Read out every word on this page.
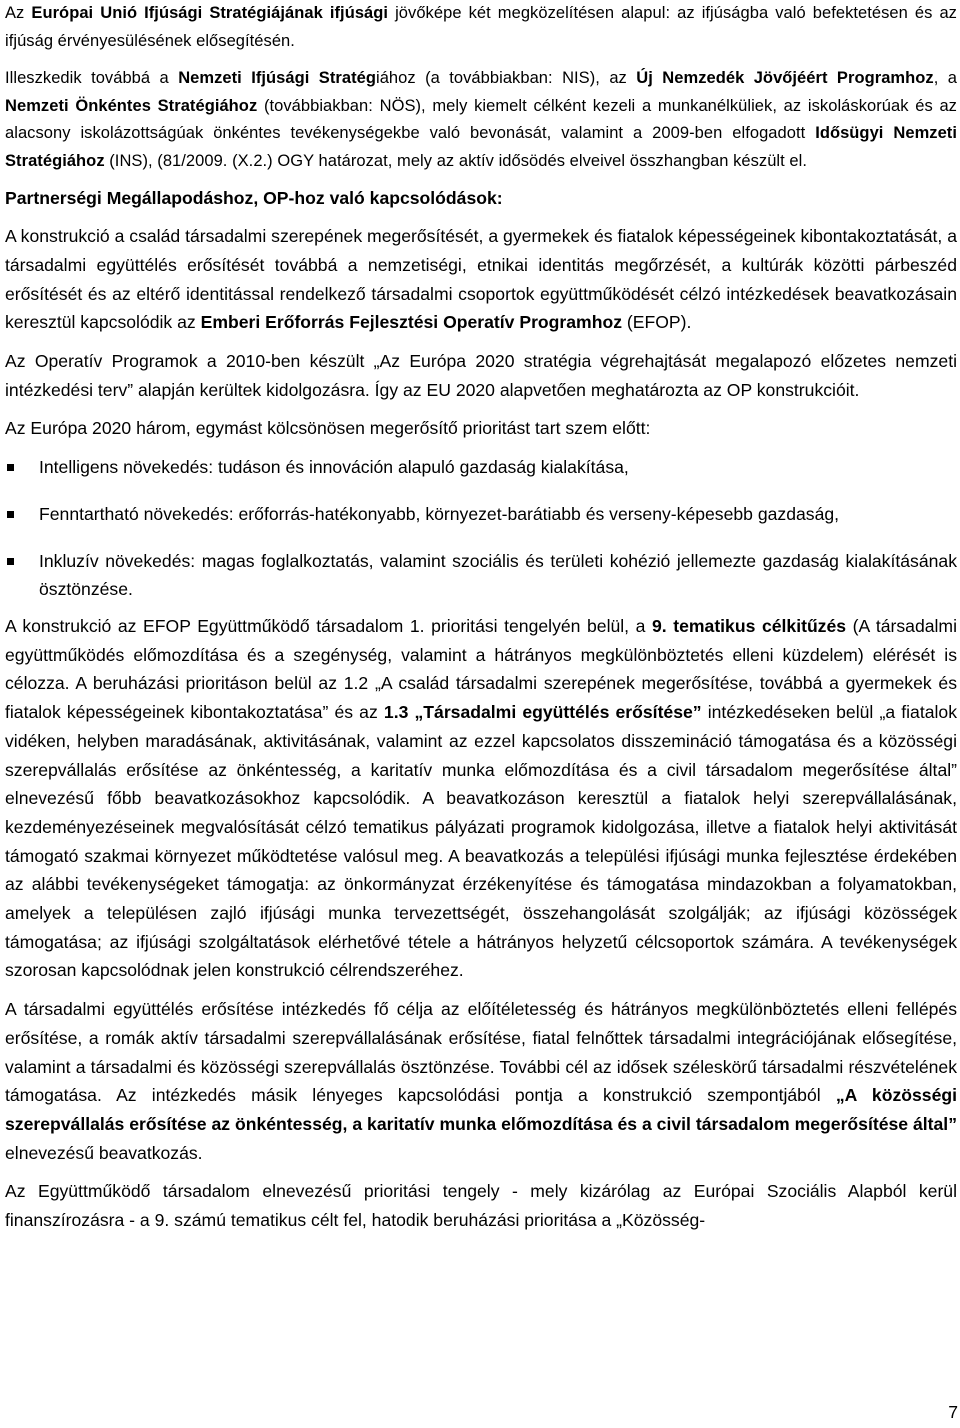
Az Európai Unió Ifjúsági Stratégiájának ifjúsági jövőképe két megközelítésen alapul: az ifjúságba való befektetésen és az ifjúság érvényesülésének elősegítésén.

Illeszkedik továbbá a Nemzeti Ifjúsági Stratégiához (a továbbiakban: NIS), az Új Nemzedék Jövőjéért Programhoz, a Nemzeti Önkéntes Stratégiához (továbbiakban: NÖS), mely kiemelt célként kezeli a munkanélküliek, az iskoláskorúak és az alacsony iskolázottságúak önkéntes tevékenységekbe való bevonását, valamint a 2009-ben elfogadott Idősügyi Nemzeti Stratégiához (INS), (81/2009. (X.2.) OGY határozat, mely az aktív idősödés elveivel összhangban készült el.

Partnerségi Megállapodáshoz, OP-hoz való kapcsolódások:

A konstrukció a család társadalmi szerepének megerősítését, a gyermekek és fiatalok képességeinek kibontakoztatását, a társadalmi együttélés erősítését továbbá a nemzetiségi, etnikai identitás megőrzését, a kultúrák közötti párbeszéd erősítését és az eltérő identitással rendelkező társadalmi csoportok együttműködését célzó intézkedések beavatkozásain keresztül kapcsolódik az Emberi Erőforrás Fejlesztési Operatív Programhoz (EFOP).

Az Operatív Programok a 2010-ben készült „Az Európa 2020 stratégia végrehajtását megalapozó előzetes nemzeti intézkedési terv” alapján kerültek kidolgozásra. Így az EU 2020 alapvetően meghatározta az OP konstrukcióit.

Az Európa 2020 három, egymást kölcsönösen megerősítő prioritást tart szem előtt:

Intelligens növekedés: tudáson és innováción alapuló gazdaság kialakítása,
Fenntartható növekedés: erőforrás-hatékonyabb, környezet-barátiabb és verseny-képesebb gazdaság,
Inkluzív növekedés: magas foglalkoztatás, valamint szociális és területi kohézió jellemezte gazdaság kialakításának ösztönzése.

A konstrukció az EFOP Együttműködő társadalom 1. prioritási tengelyén belül, a 9. tematikus célkitűzés (A társadalmi együttműködés előmozdítása és a szegénység, valamint a hátrányos megkülönböztetés elleni küzdelem) elérését is célozza. A beruházási prioritáson belül az 1.2 „A család társadalmi szerepének megerősítése, továbbá a gyermekek és fiatalok képességeinek kibontakoztatása” és az 1.3 „Társadalmi együttélés erősítése” intézkedéseken belül „a fiatalok vidéken, helyben maradásának, aktivitásának, valamint az ezzel kapcsolatos disszemináció támogatása és a közösségi szerepvállalás erősítése az önkéntesség, a karitatív munka előmozdítása és a civil társadalom megerősítése által” elnevezésű főbb beavatkozásokhoz kapcsolódik. A beavatkozáson keresztül a fiatalok helyi szerepvállalásának, kezdeményezéseinek megvalósítását célzó tematikus pályázati programok kidolgozása, illetve a fiatalok helyi aktivitását támogató szakmai környezet működtetése valósul meg. A beavatkozás a települési ifjúsági munka fejlesztése érdekében az alábbi tevékenységeket támogatja: az önkormányzat érzékenyítése és támogatása mindazokban a folyamatokban, amelyek a településen zajló ifjúsági munka tervezettségét, összehangolását szolgálják; az ifjúsági közösségek támogatása; az ifjúsági szolgáltatások elérhetővé tétele a hátrányos helyzetű célcsoportok számára. A tevékenységek szorosan kapcsolódnak jelen konstrukció célrendszeréhez.

A társadalmi együttélés erősítése intézkedés fő célja az előítéletesség és hátrányos megkülönböztetés elleni fellépés erősítése, a romák aktív társadalmi szerepvállalásának erősítése, fiatal felnőttek társadalmi integrációjának elősegítése, valamint a társadalmi és közösségi szerepvállalás ösztönzése. További cél az idősek széleskörű társadalmi részvételének támogatása. Az intézkedés másik lényeges kapcsolódási pontja a konstrukció szempontjából „A közösségi szerepvállalás erősítése az önkéntesség, a karitatív munka előmozdítása és a civil társadalom megerősítése által” elnevezésű beavatkozás.

Az Együttműködő társadalom elnevezésű prioritási tengely - mely kizárólag az Európai Szociális Alapból kerül finanszírozásra - a 9. számú tematikus célt fel, hatodik beruházási prioritása a „Közösség-

7
